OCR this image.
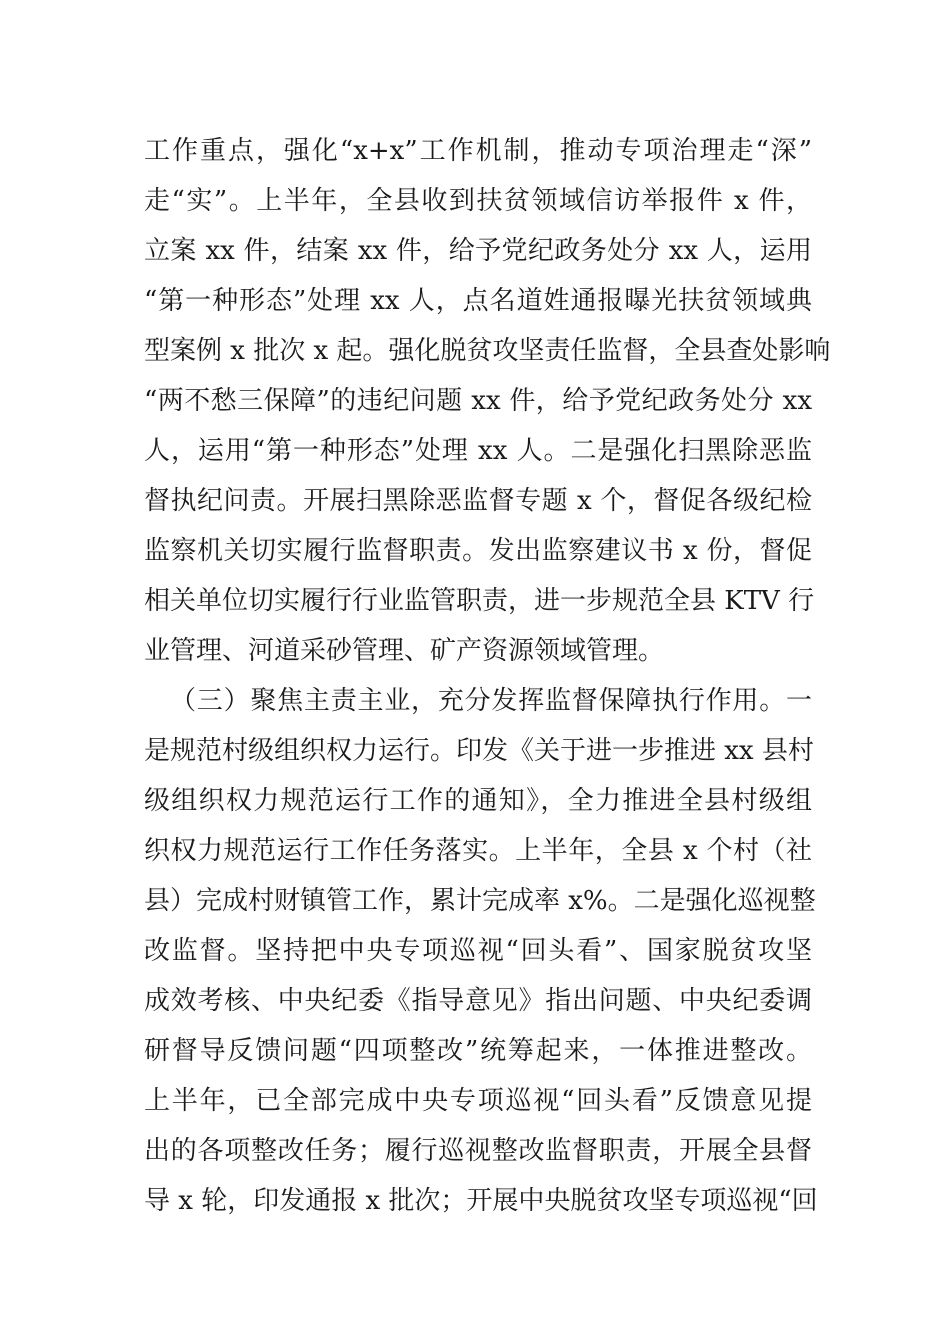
工作重点，强化“x+x”工作机制，推动专项治理走“深”
走“实”。上半年，全县收到扶贫领域信访举报件 x 件，
立案 xx 件，结案 xx 件，给予党纪政务处分 xx 人，运用
“第一种形态”处理 xx 人，点名道姓通报曝光扶贫领域典
型案例 x 批次 x 起。强化脱贫攻坚责任监督，全县查处影响
“两不愁三保障”的违纪问题 xx 件，给予党纪政务处分 xx
人，运用“第一种形态”处理 xx 人。二是强化扫黑除恶监
督执纪问责。开展扫黑除恶监督专题 x 个，督促各级纪检
监察机关切实履行监督职责。发出监察建议书 x 份，督促
相关单位切实履行行业监管职责，进一步规范全县 KTV 行
业管理、河道采砂管理、矿产资源领域管理。
（三）聚焦主责主业，充分发挥监督保障执行作用。一
是规范村级组织权力运行。印发《关于进一步推进 xx 县村
级组织权力规范运行工作的通知》，全力推进全县村级组
织权力规范运行工作任务落实。上半年，全县 x 个村（社
县）完成村财镇管工作，累计完成率 x%。二是强化巡视整
改监督。坚持把中央专项巡视“回头看”、国家脱贫攻坚
成效考核、中央纪委《指导意见》指出问题、中央纪委调
研督导反馈问题“四项整改”统筹起来，一体推进整改。
上半年，已全部完成中央专项巡视“回头看”反馈意见提
出的各项整改任务；履行巡视整改监督职责，开展全县督
导 x 轮，印发通报 x 批次；开展中央脱贫攻坚专项巡视“回
